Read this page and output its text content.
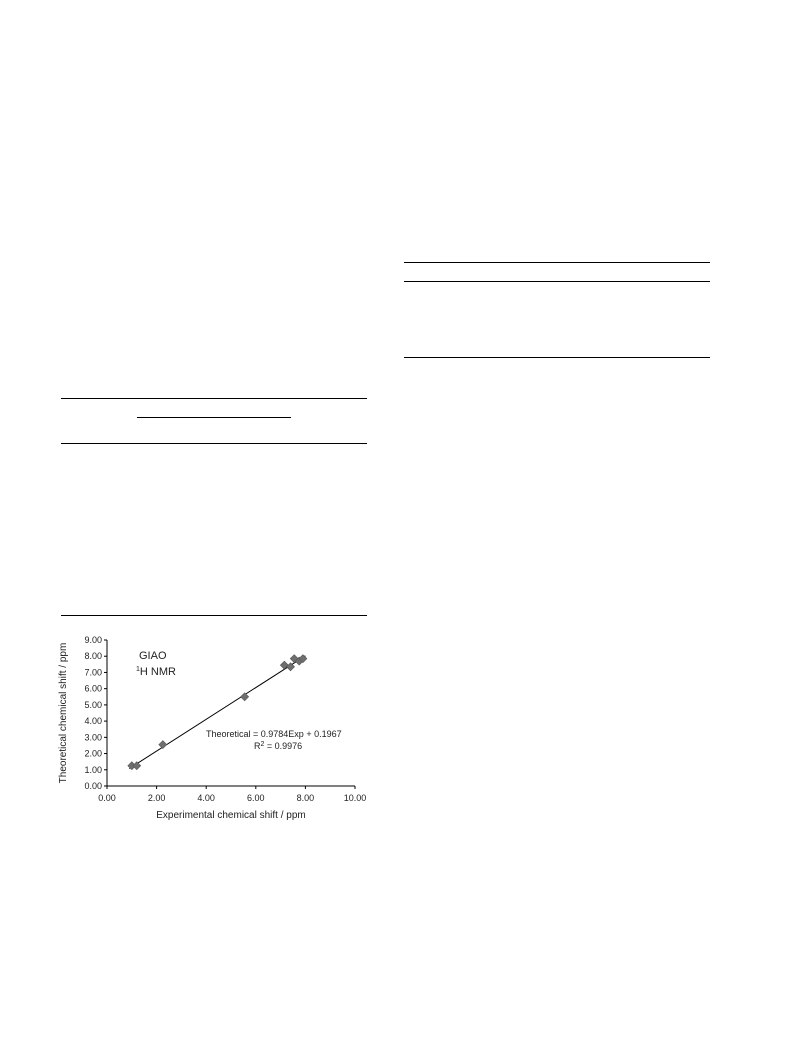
0.00
1.00
2.00
3.00
4.00
5.00
6.00
7.00
8.00
9.00
0.00	2.00	4.00	6.00	8.00	10.00
Theoretical chemical shift / ppm
Experimental chemical shift / ppm
GIAO
$^1$H NMR
Theoretical = 0.9784Exp + 0.1967
$R^2 = 0.9976$
